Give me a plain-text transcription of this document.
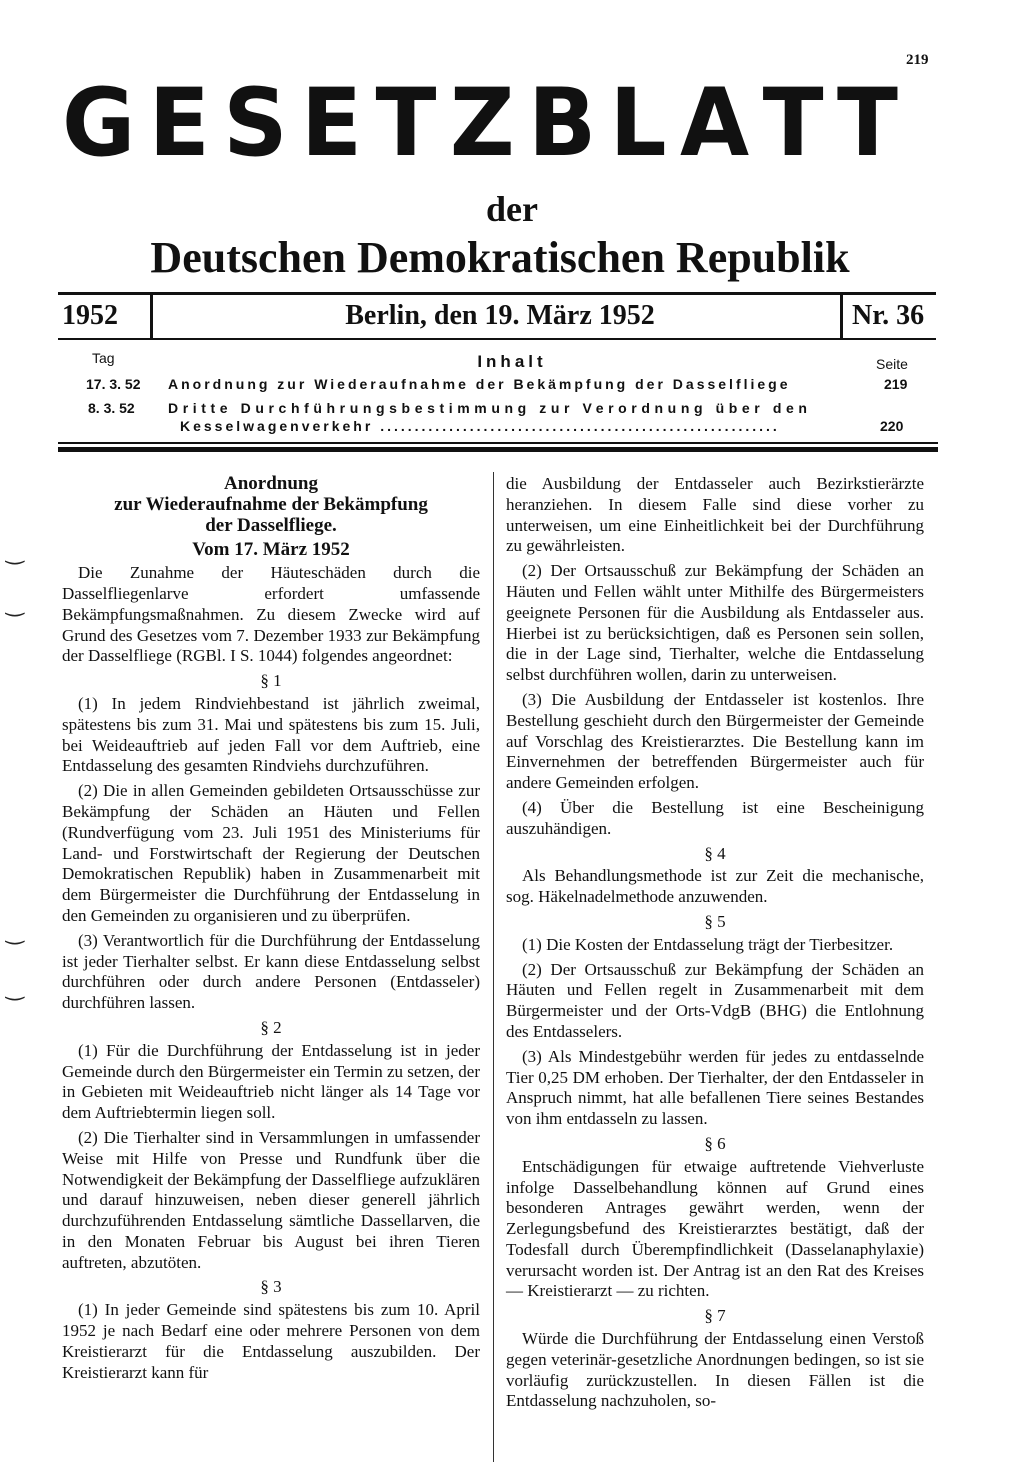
219
G E S E T Z B L A T T
der
Deutschen Demokratischen Republik
1952	Berlin, den 19. März 1952	Nr. 36
Tag	Inhalt	Seite
17. 3. 52 Anordnung zur Wiederaufnahme der Bekämpfung der Dasselfliege	219
8. 3. 52 Dritte Durchführungsbestimmung zur Verordnung über den
Kesselwagenverkehr ..........................................................	220
‿
‿
‿
‿

Anordnung

zur Wiederaufnahme der Bekämpfung

der Dasselfliege.

Vom 17. März 1952

Die Zunahme der Häuteschäden durch die Dasselfliegenlarve erfordert umfassende Bekämpfungsmaßnahmen. Zu diesem Zwecke wird auf Grund des Gesetzes vom 7. Dezember 1933 zur Bekämpfung der Dasselfliege (RGBl. I S. 1044) folgendes angeordnet:

§ 1

(1) In jedem Rindviehbestand ist jährlich zweimal, spätestens bis zum 31. Mai und spätestens bis zum 15. Juli, bei Weideauftrieb auf jeden Fall vor dem Auftrieb, eine Entdasselung des gesamten Rindviehs durchzuführen.

(2) Die in allen Gemeinden gebildeten Ortsausschüsse zur Bekämpfung der Schäden an Häuten und Fellen (Rundverfügung vom 23. Juli 1951 des Ministeriums für Land- und Forstwirtschaft der Regierung der Deutschen Demokratischen Republik) haben in Zusammenarbeit mit dem Bürgermeister die Durchführung der Entdasselung in den Gemeinden zu organisieren und zu überprüfen.

(3) Verantwortlich für die Durchführung der Entdasselung ist jeder Tierhalter selbst. Er kann diese Entdasselung selbst durchführen oder durch andere Personen (Entdasseler) durchführen lassen.

§ 2

(1) Für die Durchführung der Entdasselung ist in jeder Gemeinde durch den Bürgermeister ein Termin zu setzen, der in Gebieten mit Weideauftrieb nicht länger als 14 Tage vor dem Auftriebtermin liegen soll.

(2) Die Tierhalter sind in Versammlungen in umfassender Weise mit Hilfe von Presse und Rundfunk über die Notwendigkeit der Bekämpfung der Dasselfliege aufzuklären und darauf hinzuweisen, neben dieser generell jährlich durchzuführenden Entdasselung sämtliche Dassellarven, die in den Monaten Februar bis August bei ihren Tieren auftreten, abzutöten.

§ 3

(1) In jeder Gemeinde sind spätestens bis zum 10. April 1952 je nach Bedarf eine oder mehrere Personen von dem Kreistierarzt für die Entdasselung auszubilden. Der Kreistierarzt kann für

die Ausbildung der Entdasseler auch Bezirkstierärzte heranziehen. In diesem Falle sind diese vorher zu unterweisen, um eine Einheitlichkeit bei der Durchführung zu gewährleisten.

(2) Der Ortsausschuß zur Bekämpfung der Schäden an Häuten und Fellen wählt unter Mithilfe des Bürgermeisters geeignete Personen für die Ausbildung als Entdasseler aus. Hierbei ist zu berücksichtigen, daß es Personen sein sollen, die in der Lage sind, Tierhalter, welche die Entdasselung selbst durchführen wollen, darin zu unterweisen.

(3) Die Ausbildung der Entdasseler ist kostenlos. Ihre Bestellung geschieht durch den Bürgermeister der Gemeinde auf Vorschlag des Kreistierarztes. Die Bestellung kann im Einvernehmen der betreffenden Bürgermeister auch für andere Gemeinden erfolgen.

(4) Über die Bestellung ist eine Bescheinigung auszuhändigen.

§ 4

Als Behandlungsmethode ist zur Zeit die mechanische, sog. Häkelnadelmethode anzuwenden.

§ 5

(1) Die Kosten der Entdasselung trägt der Tierbesitzer.

(2) Der Ortsausschuß zur Bekämpfung der Schäden an Häuten und Fellen regelt in Zusammenarbeit mit dem Bürgermeister und der Orts-VdgB (BHG) die Entlohnung des Entdasselers.

(3) Als Mindestgebühr werden für jedes zu entdasselnde Tier 0,25 DM erhoben. Der Tierhalter, der den Entdasseler in Anspruch nimmt, hat alle befallenen Tiere seines Bestandes von ihm entdasseln zu lassen.

§ 6

Entschädigungen für etwaige auftretende Viehverluste infolge Dasselbehandlung können auf Grund eines besonderen Antrages gewährt werden, wenn der Zerlegungsbefund des Kreistierarztes bestätigt, daß der Todesfall durch Überempfindlichkeit (Dasselanaphylaxie) verursacht worden ist. Der Antrag ist an den Rat des Kreises — Kreistierarzt — zu richten.

§ 7

Würde die Durchführung der Entdasselung einen Verstoß gegen veterinär-gesetzliche Anordnungen bedingen, so ist sie vorläufig zurückzustellen. In diesen Fällen ist die Entdasselung nachzuholen, so-
